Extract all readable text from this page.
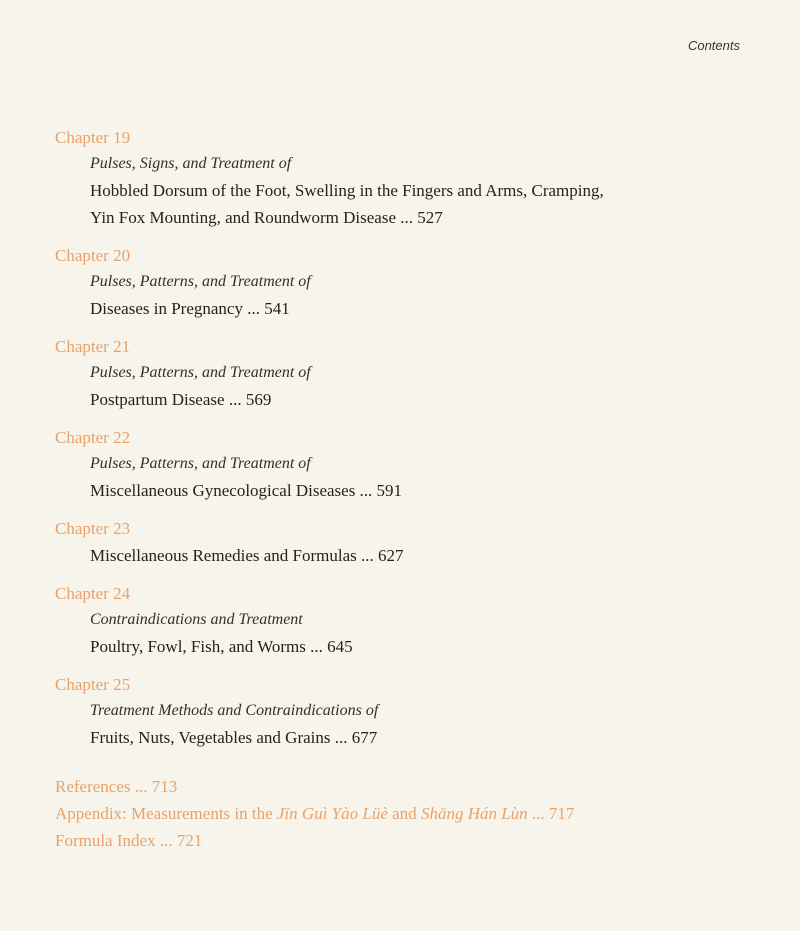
Contents
Chapter 19
Pulses, Signs, and Treatment of
Hobbled Dorsum of the Foot, Swelling in the Fingers and Arms, Cramping,
Yin Fox Mounting, and Roundworm Disease ... 527
Chapter 20
Pulses, Patterns, and Treatment of
Diseases in Pregnancy ... 541
Chapter 21
Pulses, Patterns, and Treatment of
Postpartum Disease ... 569
Chapter 22
Pulses, Patterns, and Treatment of
Miscellaneous Gynecological Diseases ... 591
Chapter 23
Miscellaneous Remedies and Formulas ... 627
Chapter 24
Contraindications and Treatment
Poultry, Fowl, Fish, and Worms ... 645
Chapter 25
Treatment Methods and Contraindications of
Fruits, Nuts, Vegetables and Grains ... 677
References ... 713
Appendix: Measurements in the Jīn Guì Yào Lüè and Shāng Hán Lùn ... 717
Formula Index ... 721
